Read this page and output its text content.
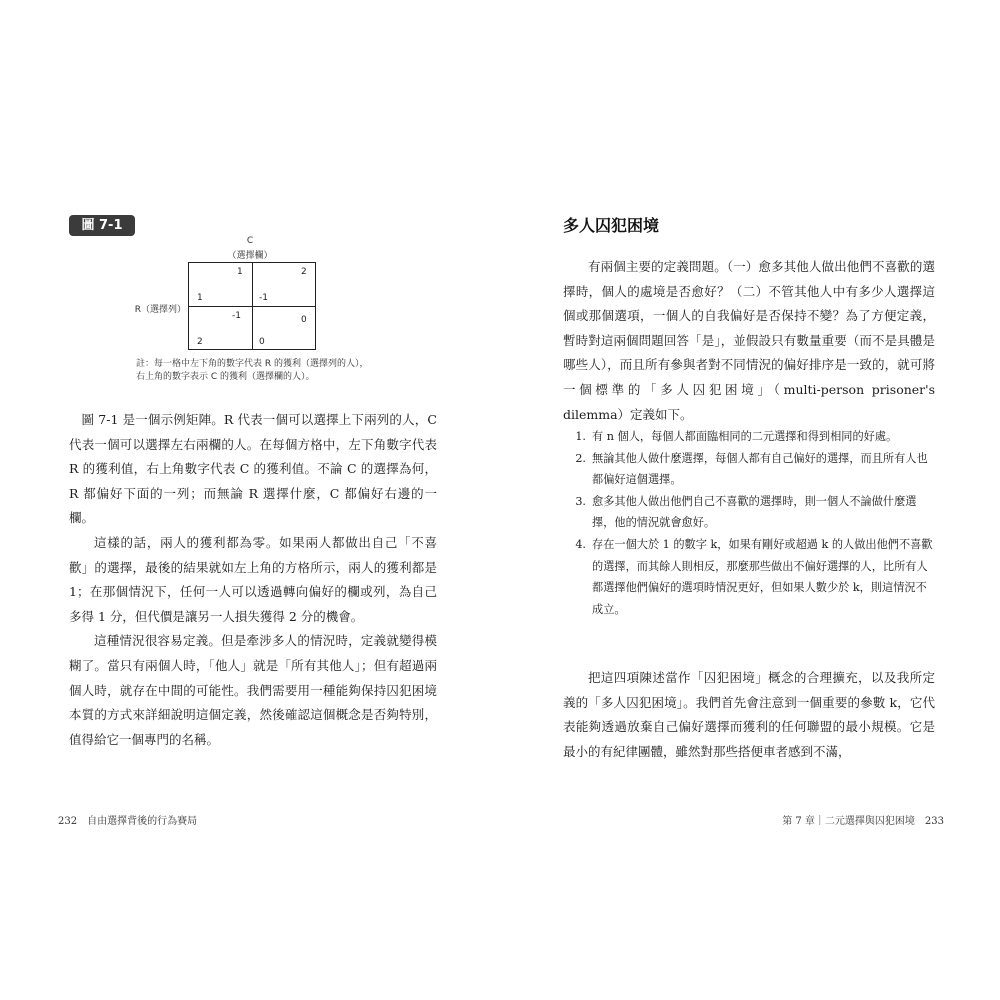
圖 7-1
C
（選擇欄）
R（選擇列）
1
1
2
-1
-1
2
0
0
註：每一格中左下角的數字代表 R 的獲利（選擇列的人），
右上角的數字表示 C 的獲利（選擇欄的人）。

圖 7-1 是一個示例矩陣。R 代表一個可以選擇上下兩列的人，C 代表一個可以選擇左右兩欄的人。在每個方格中，左下角數字代表 R 的獲利值，右上角數字代表 C 的獲利值。不論 C 的選擇為何，R 都偏好下面的一列；而無論 R 選擇什麼，C 都偏好右邊的一欄。

這樣的話，兩人的獲利都為零。如果兩人都做出自己「不喜歡」的選擇，最後的結果就如左上角的方格所示，兩人的獲利都是 1；在那個情況下，任何一人可以透過轉向偏好的欄或列，為自己多得 1 分，但代價是讓另一人損失獲得 2 分的機會。

這種情況很容易定義。但是牽涉多人的情況時，定義就變得模糊了。當只有兩個人時，「他人」就是「所有其他人」；但有超過兩個人時，就存在中間的可能性。我們需要用一種能夠保持囚犯困境本質的方式來詳細說明這個定義，然後確認這個概念是否夠特別，值得給它一個專門的名稱。

232　自由選擇背後的行為賽局
多人囚犯困境

有兩個主要的定義問題。（一）愈多其他人做出他們不喜歡的選擇時，個人的處境是否愈好？（二）不管其他人中有多少人選擇這個或那個選項，一個人的自我偏好是否保持不變？為了方便定義，暫時對這兩個問題回答「是」，並假設只有數量重要（而不是具體是哪些人），而且所有參與者對不同情況的偏好排序是一致的，就可將一個標準的「多人囚犯困境」（multi-person prisoner's dilemma）定義如下。

1. 有 n 個人，每個人都面臨相同的二元選擇和得到相同的好處。
2. 無論其他人做什麼選擇，每個人都有自己偏好的選擇，而且所有人也都偏好這個選擇。
3. 愈多其他人做出他們自己不喜歡的選擇時，則一個人不論做什麼選擇，他的情況就會愈好。
4. 存在一個大於 1 的數字 k，如果有剛好或超過 k 的人做出他們不喜歡的選擇，而其餘人則相反，那麼那些做出不偏好選擇的人，比所有人都選擇他們偏好的選項時情況更好，但如果人數少於 k，則這情況不成立。

把這四項陳述當作「囚犯困境」概念的合理擴充，以及我所定義的「多人囚犯困境」。我們首先會注意到一個重要的參數 k，它代表能夠透過放棄自己偏好選擇而獲利的任何聯盟的最小規模。它是最小的有紀律團體，雖然對那些搭便車者感到不滿，

第 7 章｜二元選擇與囚犯困境　233
